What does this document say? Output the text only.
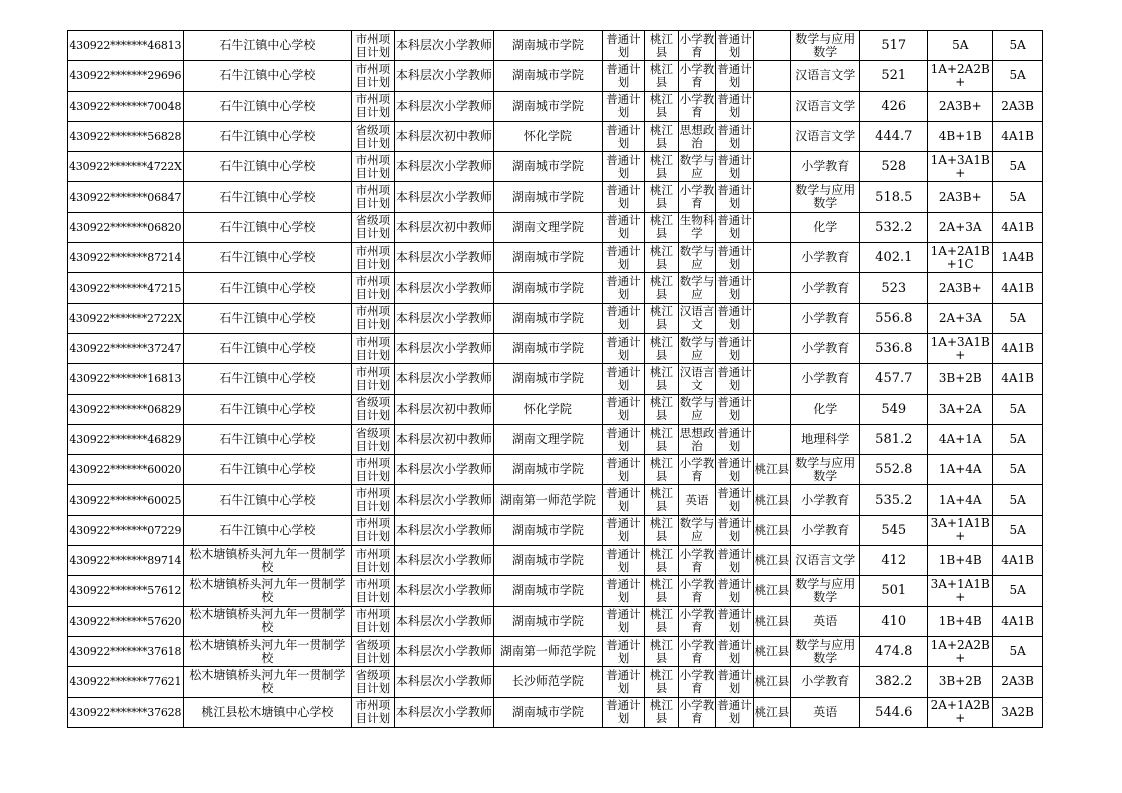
430922*******46813	石牛江镇中心学校	市州项目计划	本科层次小学教师	湖南城市学院	普通计划	桃江县	小学教育	普通计划		数学与应用数学	517	5A	5A
430922*******29696	石牛江镇中心学校	市州项目计划	本科层次小学教师	湖南城市学院	普通计划	桃江县	小学教育	普通计划		汉语言文学	521	1A+2A2B+	5A
430922*******70048	石牛江镇中心学校	市州项目计划	本科层次小学教师	湖南城市学院	普通计划	桃江县	小学教育	普通计划		汉语言文学	426	2A3B+	2A3B
430922*******56828	石牛江镇中心学校	省级项目计划	本科层次初中教师	怀化学院	普通计划	桃江县	思想政治	普通计划		汉语言文学	444.7	4B+1B	4A1B
430922*******4722X	石牛江镇中心学校	市州项目计划	本科层次小学教师	湖南城市学院	普通计划	桃江县	数学与应	普通计划		小学教育	528	1A+3A1B+	5A
430922*******06847	石牛江镇中心学校	市州项目计划	本科层次小学教师	湖南城市学院	普通计划	桃江县	小学教育	普通计划		数学与应用数学	518.5	2A3B+	5A
430922*******06820	石牛江镇中心学校	省级项目计划	本科层次初中教师	湖南文理学院	普通计划	桃江县	生物科学	普通计划		化学	532.2	2A+3A	4A1B
430922*******87214	石牛江镇中心学校	市州项目计划	本科层次小学教师	湖南城市学院	普通计划	桃江县	数学与应	普通计划		小学教育	402.1	1A+2A1B+1C	1A4B
430922*******47215	石牛江镇中心学校	市州项目计划	本科层次小学教师	湖南城市学院	普通计划	桃江县	数学与应	普通计划		小学教育	523	2A3B+	4A1B
430922*******2722X	石牛江镇中心学校	市州项目计划	本科层次小学教师	湖南城市学院	普通计划	桃江县	汉语言文	普通计划		小学教育	556.8	2A+3A	5A
430922*******37247	石牛江镇中心学校	市州项目计划	本科层次小学教师	湖南城市学院	普通计划	桃江县	数学与应	普通计划		小学教育	536.8	1A+3A1B+	4A1B
430922*******16813	石牛江镇中心学校	市州项目计划	本科层次小学教师	湖南城市学院	普通计划	桃江县	汉语言文	普通计划		小学教育	457.7	3B+2B	4A1B
430922*******06829	石牛江镇中心学校	省级项目计划	本科层次初中教师	怀化学院	普通计划	桃江县	数学与应	普通计划		化学	549	3A+2A	5A
430922*******46829	石牛江镇中心学校	省级项目计划	本科层次初中教师	湖南文理学院	普通计划	桃江县	思想政治	普通计划		地理科学	581.2	4A+1A	5A
430922*******60020	石牛江镇中心学校	市州项目计划	本科层次小学教师	湖南城市学院	普通计划	桃江县	小学教育	普通计划	桃江县	数学与应用数学	552.8	1A+4A	5A
430922*******60025	石牛江镇中心学校	市州项目计划	本科层次小学教师	湖南第一师范学院	普通计划	桃江县	英语	普通计划	桃江县	小学教育	535.2	1A+4A	5A
430922*******07229	石牛江镇中心学校	市州项目计划	本科层次小学教师	湖南城市学院	普通计划	桃江县	数学与应	普通计划	桃江县	小学教育	545	3A+1A1B+	5A
430922*******89714	松木塘镇桥头河九年一贯制学校	市州项目计划	本科层次小学教师	湖南城市学院	普通计划	桃江县	小学教育	普通计划	桃江县	汉语言文学	412	1B+4B	4A1B
430922*******57612	松木塘镇桥头河九年一贯制学校	市州项目计划	本科层次小学教师	湖南城市学院	普通计划	桃江县	小学教育	普通计划	桃江县	数学与应用数学	501	3A+1A1B+	5A
430922*******57620	松木塘镇桥头河九年一贯制学校	市州项目计划	本科层次小学教师	湖南城市学院	普通计划	桃江县	小学教育	普通计划	桃江县	英语	410	1B+4B	4A1B
430922*******37618	松木塘镇桥头河九年一贯制学校	省级项目计划	本科层次小学教师	湖南第一师范学院	普通计划	桃江县	小学教育	普通计划	桃江县	数学与应用数学	474.8	1A+2A2B+	5A
430922*******77621	松木塘镇桥头河九年一贯制学校	省级项目计划	本科层次小学教师	长沙师范学院	普通计划	桃江县	小学教育	普通计划	桃江县	小学教育	382.2	3B+2B	2A3B
430922*******37628	桃江县松木塘镇中心学校	市州项目计划	本科层次小学教师	湖南城市学院	普通计划	桃江县	小学教育	普通计划	桃江县	英语	544.6	2A+1A2B+	3A2B
